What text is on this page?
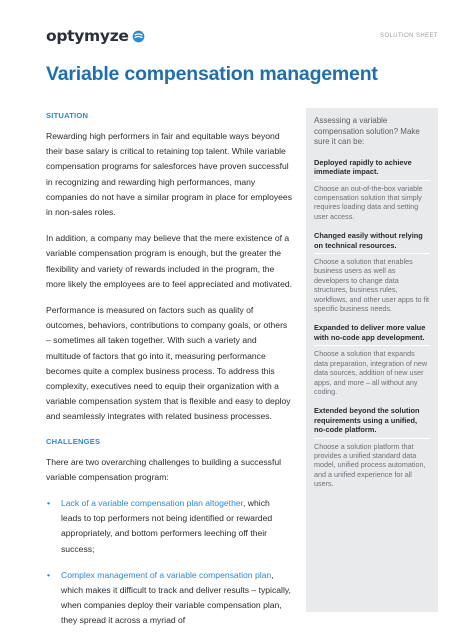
optymyze	SOLUTION SHEET
Variable compensation management
SITUATION

Rewarding high performers in fair and equitable ways beyond their base salary is critical to retaining top talent. While variable compensation programs for salesforces have proven successful in recognizing and rewarding high performances, many companies do not have a similar program in place for employees in non-sales roles.

In addition, a company may believe that the mere existence of a variable compensation program is enough, but the greater the flexibility and variety of rewards included in the program, the more likely the employees are to feel appreciated and motivated.

Performance is measured on factors such as quality of outcomes, behaviors, contributions to company goals, or others – sometimes all taken together. With such a variety and multitude of factors that go into it, measuring performance becomes quite a complex business process. To address this complexity, executives need to equip their organization with a variable compensation system that is flexible and easy to deploy and seamlessly integrates with related business processes.

CHALLENGES

There are two overarching challenges to building a successful variable compensation program:

• Lack of a variable compensation plan altogether, which leads to top performers not being identified or rewarded appropriately, and bottom performers leeching off their success;
• Complex management of a variable compensation plan, which makes it difficult to track and deliver results – typically, when companies deploy their variable compensation plan, they spread it across a myriad of

Assessing a variable compensation solution? Make sure it can be:

Deployed rapidly to achieve immediate impact.
Choose an out-of-the-box variable compensation solution that simply requires loading data and setting user access.
Changed easily without relying on technical resources.
Choose a solution that enables business users as well as developers to change data structures, business rules, workflows, and other user apps to fit specific business needs.
Expanded to deliver more value with no-code app development.
Choose a solution that expands data preparation, integration of new data sources, addition of new user apps, and more – all without any coding.
Extended beyond the solution requirements using a unified, no-code platform.
Choose a solution platform that provides a unified standard data model, unified process automation, and a unified experience for all users.
